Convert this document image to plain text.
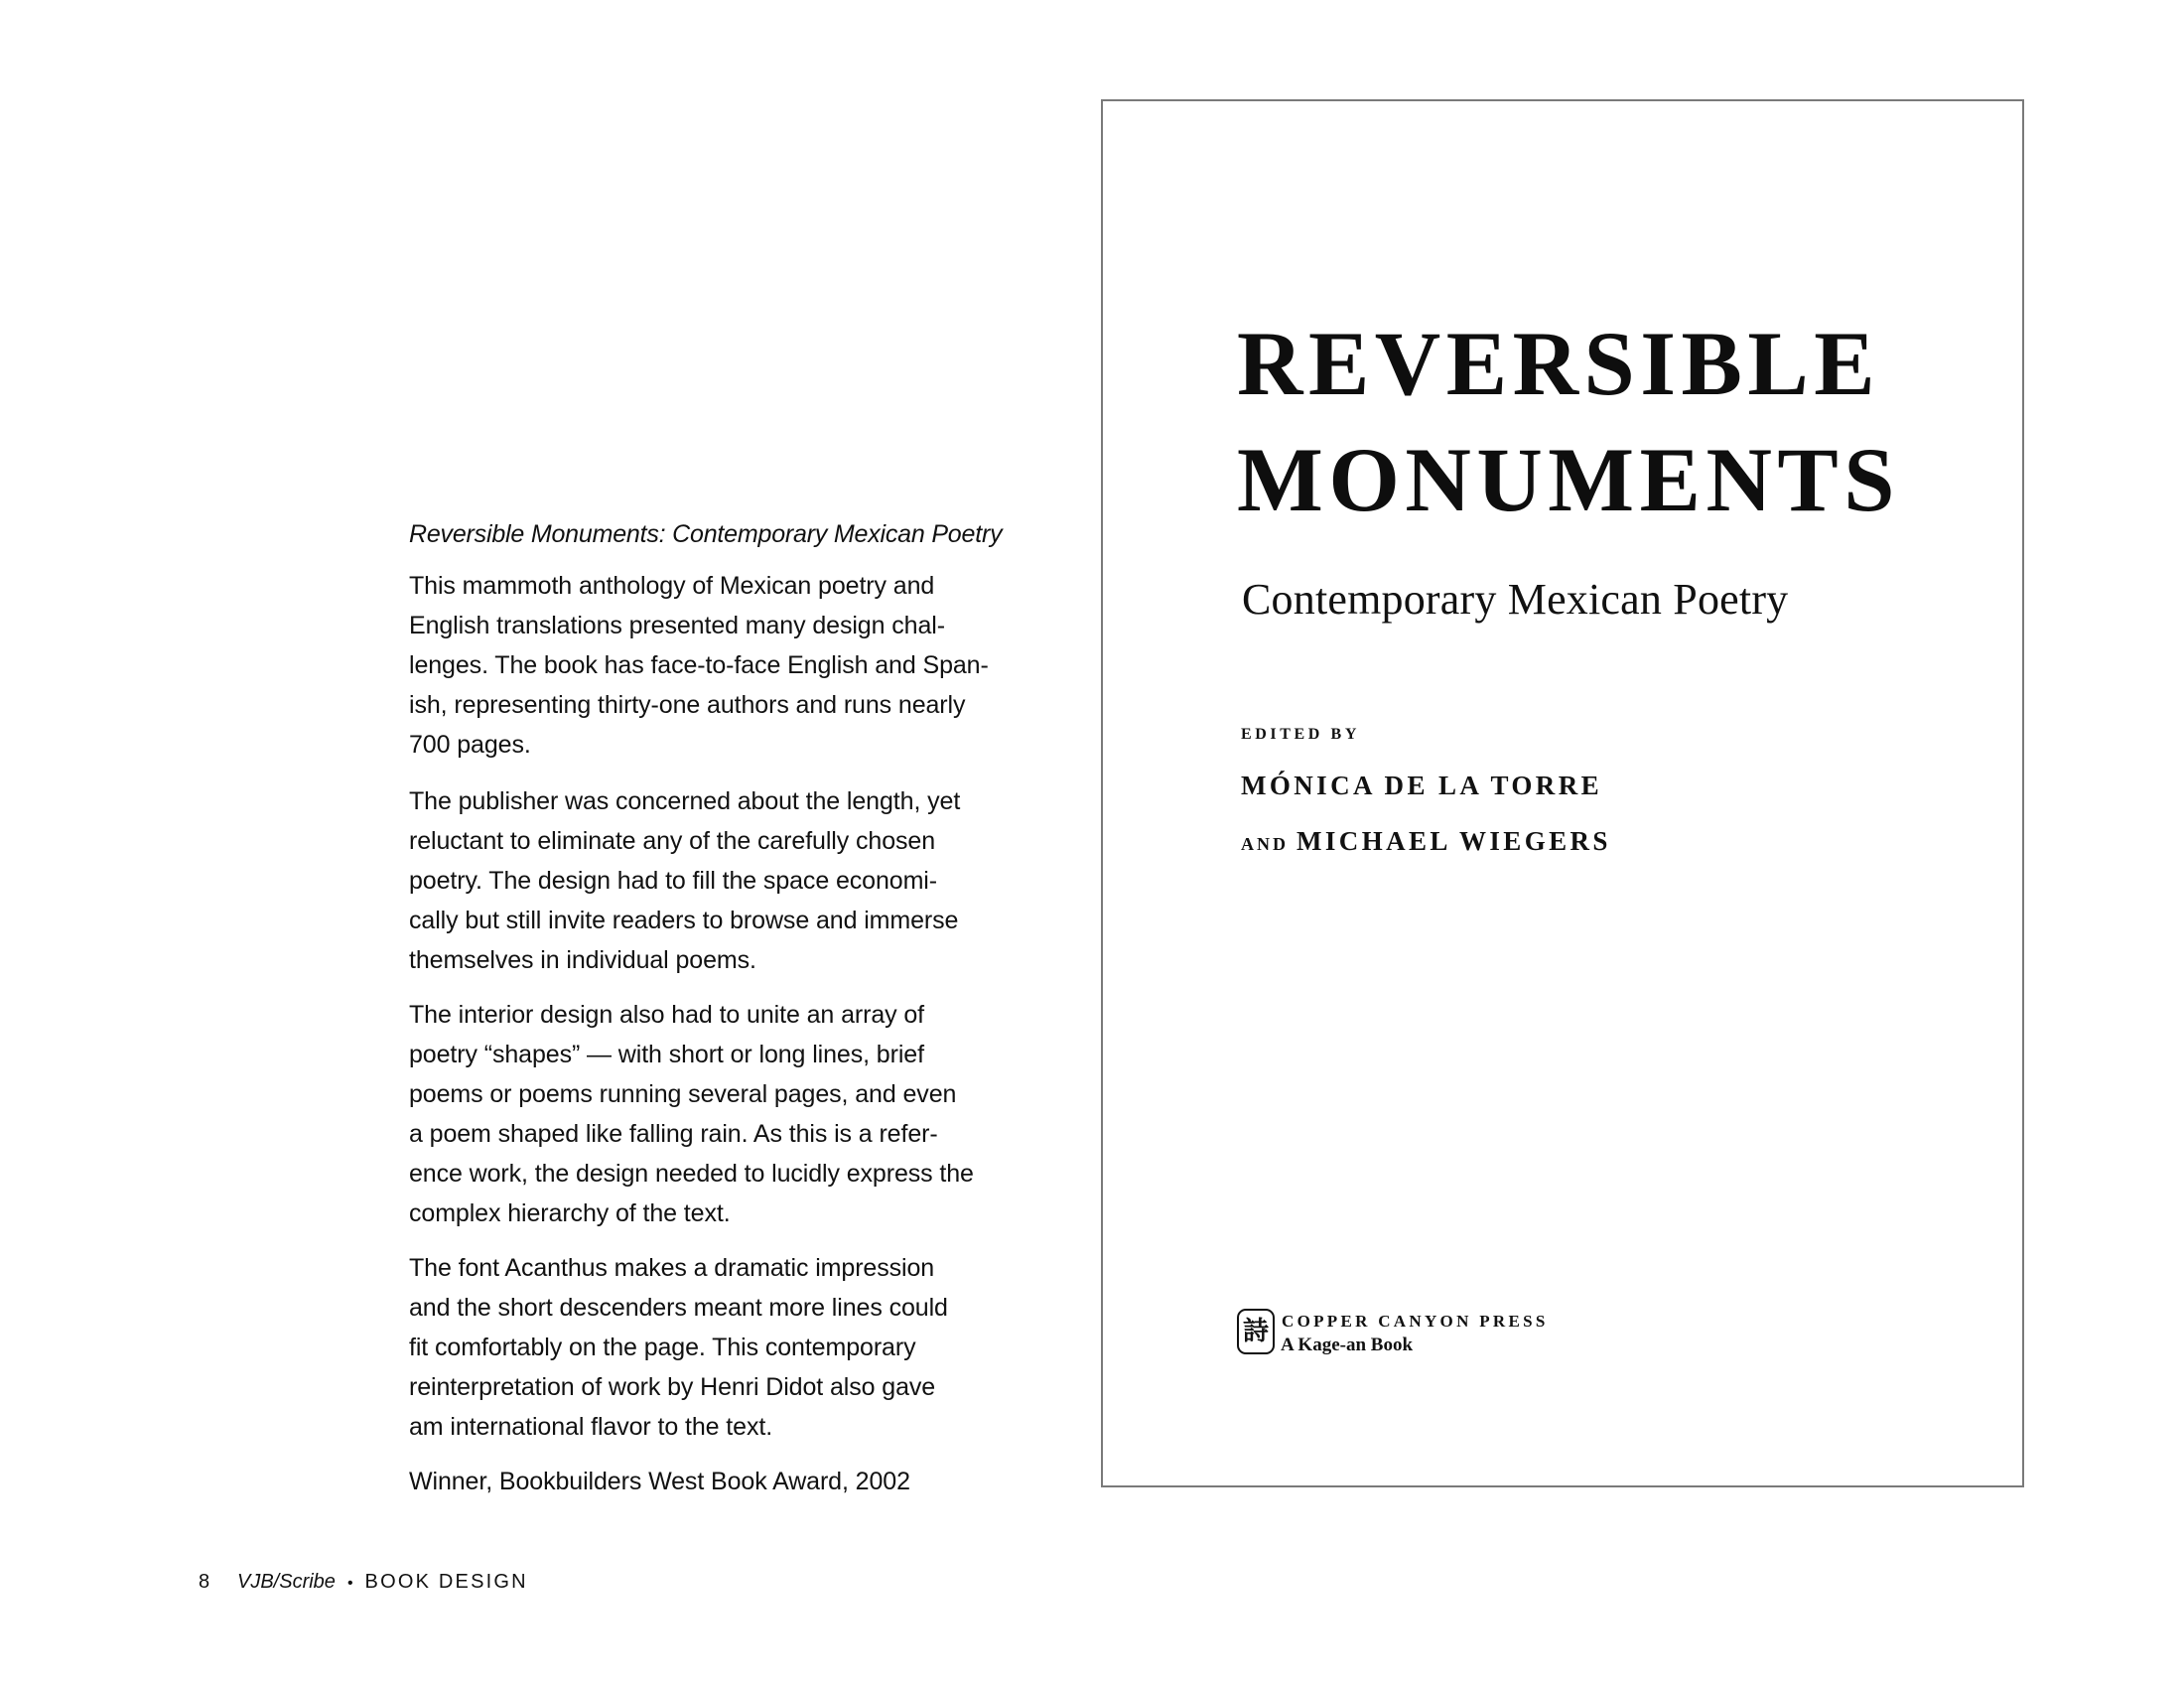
Reversible Monuments: Contemporary Mexican Poetry
This mammoth anthology of Mexican poetry and
English translations presented many design chal-
lenges. The book has face-to-face English and Span-
ish, representing thirty-one authors and runs nearly
700 pages.
The publisher was concerned about the length, yet
reluctant to eliminate any of the carefully chosen
poetry. The design had to fill the space economi-
cally but still invite readers to browse and immerse
themselves in individual poems.
The interior design also had to unite an array of
poetry “shapes” — with short or long lines, brief
poems or poems running several pages, and even
a poem shaped like falling rain. As this is a refer-
ence work, the design needed to lucidly express the
complex hierarchy of the text.
The font Acanthus makes a dramatic impression
and the short descenders meant more lines could
fit comfortably on the page. This contemporary
reinterpretation of work by Henri Didot also gave
am international flavor to the text.
Winner, Bookbuilders West Book Award, 2002
8	VJB/Scribe • BOOK DESIGN
REVERSIBLE
MONUMENTS
Contemporary Mexican Poetry
EDITED BY
MÓNICA DE LA TORRE
AND MICHAEL WIEGERS
詩 COPPER CANYON PRESS
A Kage-an Book
